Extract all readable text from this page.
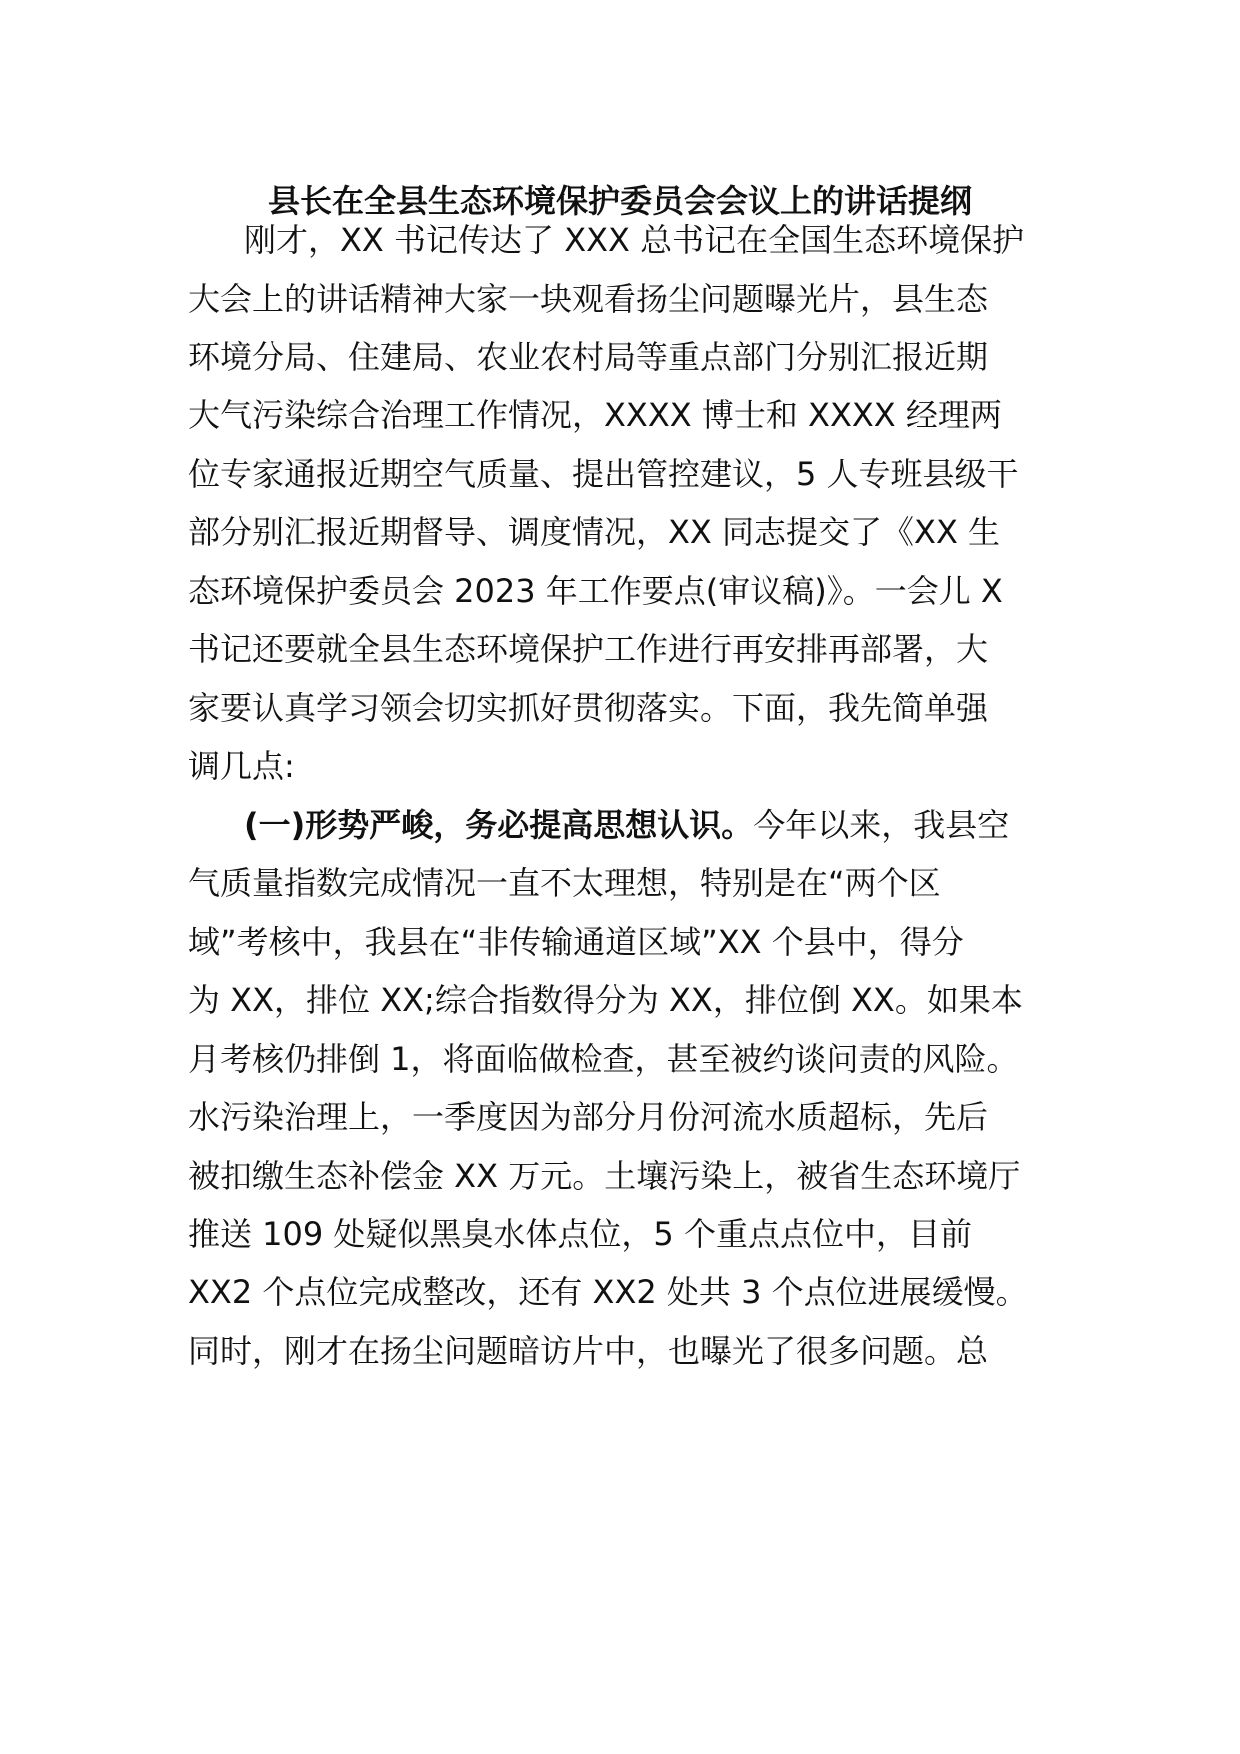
县长在全县生态环境保护委员会会议上的讲话提纲

刚才，XX 书记传达了 XXX 总书记在全国生态环境保护

大会上的讲话精神大家一块观看扬尘问题曝光片，县生态

环境分局、住建局、农业农村局等重点部门分别汇报近期

大气污染综合治理工作情况，XXXX 博士和 XXXX 经理两

位专家通报近期空气质量、提出管控建议，5 人专班县级干

部分别汇报近期督导、调度情况，XX 同志提交了《XX 生

态环境保护委员会 2023 年工作要点(审议稿)》。一会儿 X

书记还要就全县生态环境保护工作进行再安排再部署，大

家要认真学习领会切实抓好贯彻落实。下面，我先简单强

调几点:

(一)形势严峻，务必提高思想认识。今年以来，我县空

气质量指数完成情况一直不太理想，特别是在“两个区

域”考核中，我县在“非传输通道区域”XX 个县中，得分

为 XX，排位 XX;综合指数得分为 XX，排位倒 XX。如果本

月考核仍排倒 1，将面临做检查，甚至被约谈问责的风险。

水污染治理上，一季度因为部分月份河流水质超标，先后

被扣缴生态补偿金 XX 万元。土壤污染上，被省生态环境厅

推送 109 处疑似黑臭水体点位，5 个重点点位中，目前

XX2 个点位完成整改，还有 XX2 处共 3 个点位进展缓慢。

同时，刚才在扬尘问题暗访片中，也曝光了很多问题。总
